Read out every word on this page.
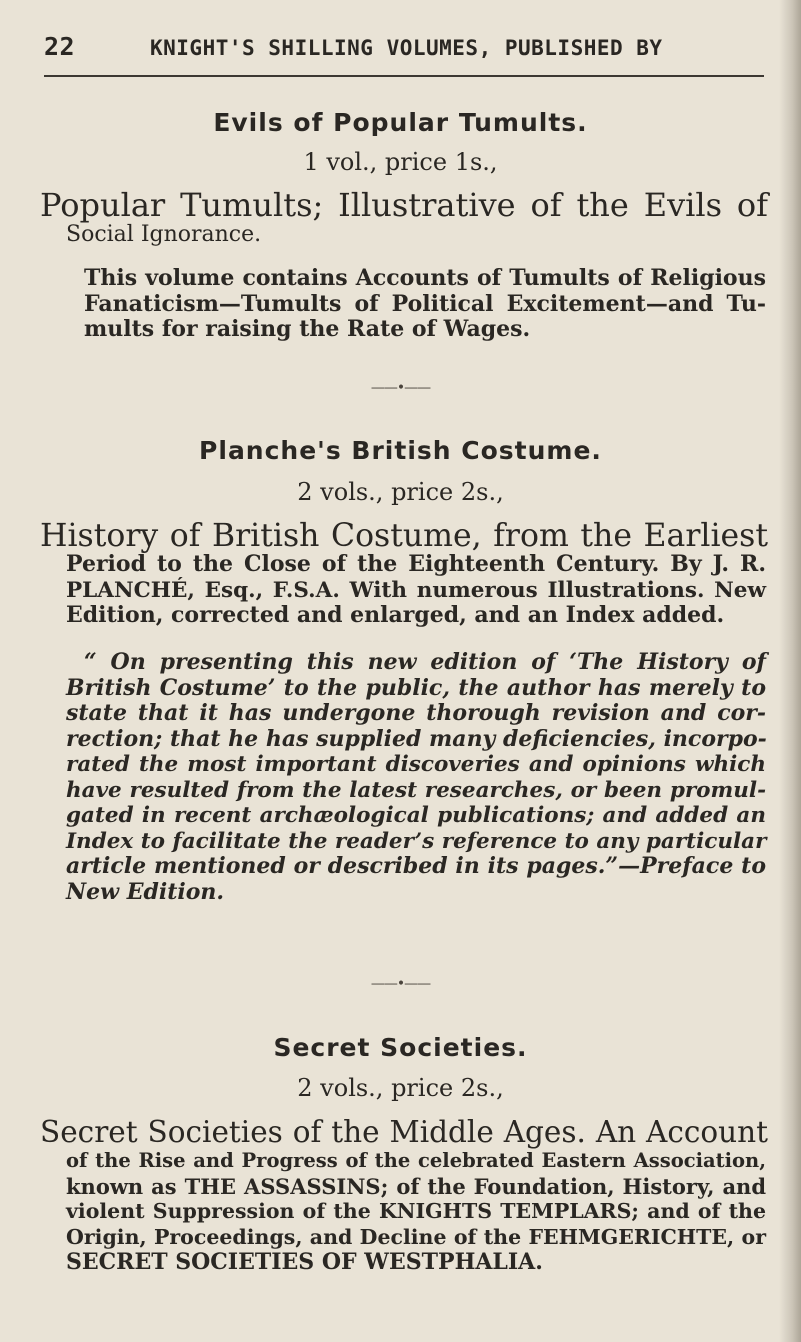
22	KNIGHT'S SHILLING VOLUMES, PUBLISHED BY
Evils of Popular Tumults.
1 vol., price 1s.,
Popular Tumults; Illustrative of the Evils of
Social Ignorance.
This volume contains Accounts of Tumults of Religious
Fanaticism—Tumults of Political Excitement—and Tu-
mults for raising the Rate of Wages.
——•——
Planche's British Costume.
2 vols., price 2s.,
History of British Costume, from the Earliest
Period to the Close of the Eighteenth Century. By J. R.
PLANCHÉ, Esq., F.S.A. With numerous Illustrations. New
Edition, corrected and enlarged, and an Index added.
“ On presenting this new edition of ‘The History of
British Costume’ to the public, the author has merely to
state that it has undergone thorough revision and cor-
rection; that he has supplied many deficiencies, incorpo-
rated the most important discoveries and opinions which
have resulted from the latest researches, or been promul-
gated in recent archæological publications; and added an
Index to facilitate the reader’s reference to any particular
article mentioned or described in its pages.”—Preface to
New Edition.
——•——
Secret Societies.
2 vols., price 2s.,
Secret Societies of the Middle Ages. An Account
of the Rise and Progress of the celebrated Eastern Association,
known as THE ASSASSINS; of the Foundation, History, and
violent Suppression of the KNIGHTS TEMPLARS; and of the
Origin, Proceedings, and Decline of the FEHMGERICHTE, or
SECRET SOCIETIES OF WESTPHALIA.
